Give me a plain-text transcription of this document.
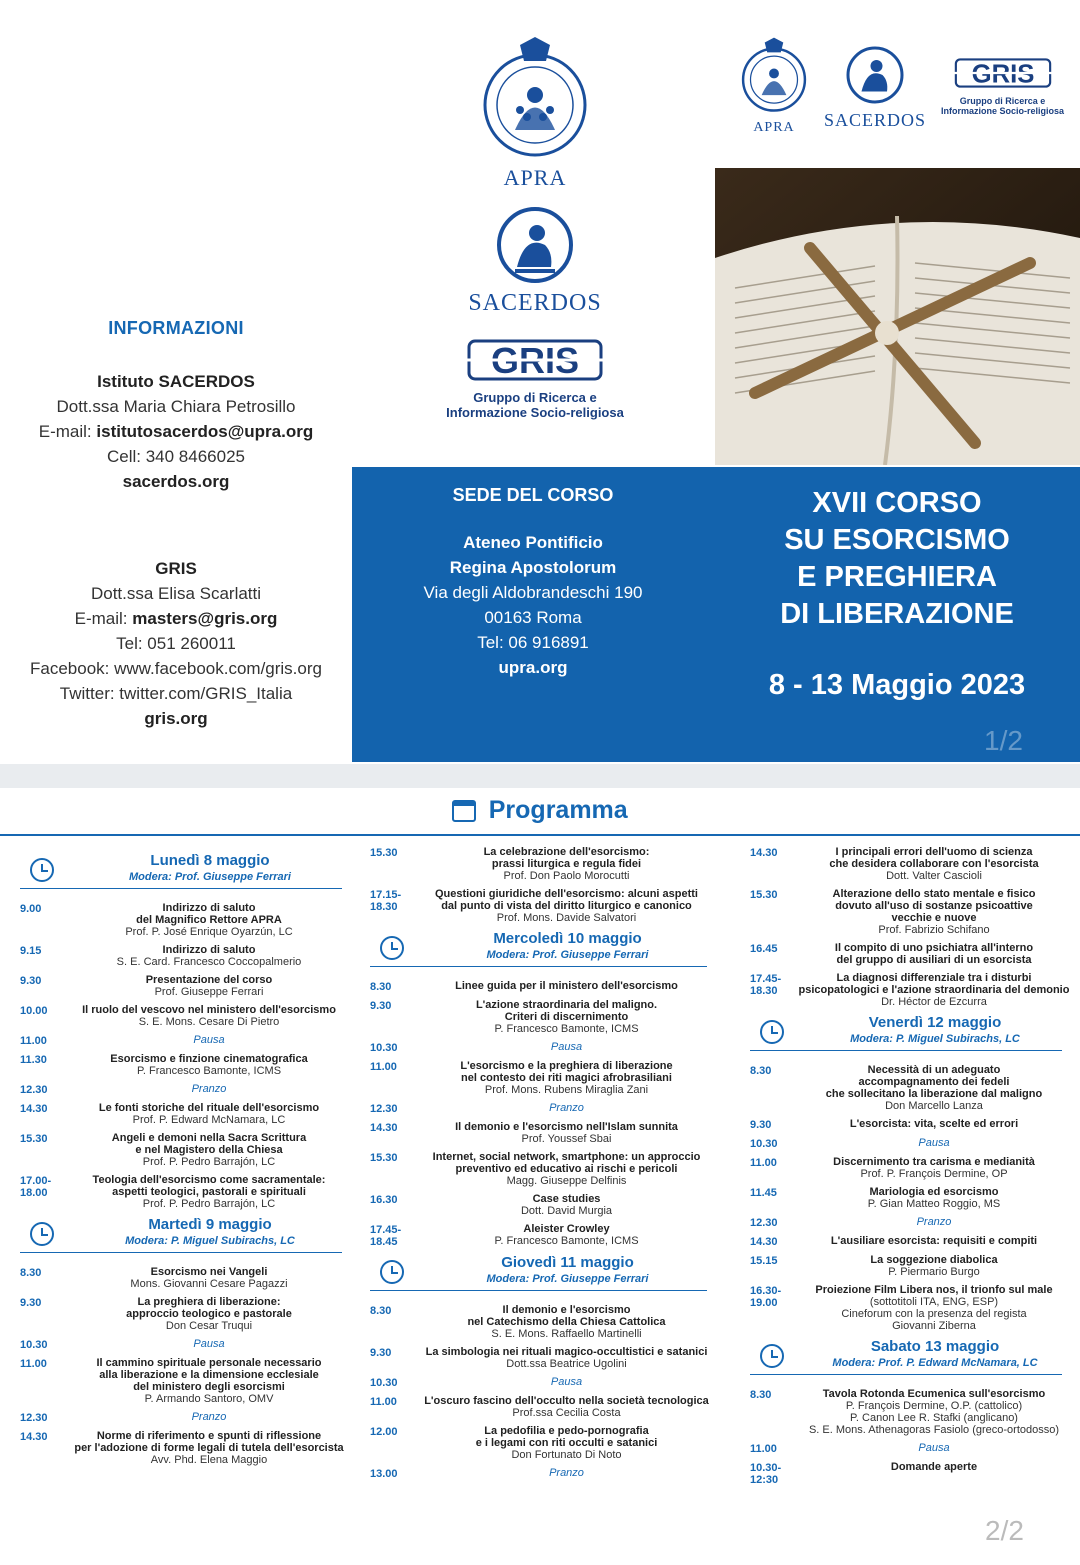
INFORMAZIONI
Istituto SACERDOS
Dott.ssa Maria Chiara Petrosillo
E-mail: istitutosacerdos@upra.org
Cell: 340 8466025
sacerdos.org
GRIS
Dott.ssa Elisa Scarlatti
E-mail: masters@gris.org
Tel: 051 260011
Facebook: www.facebook.com/gris.org
Twitter: twitter.com/GRIS_Italia
gris.org
APRA
SACERDOS
GRIS
Gruppo di Ricerca e
Informazione Socio-religiosa
APRA	SACERDOS
GRIS
Gruppo di Ricerca e
Informazione Socio-religiosa
SEDE DEL CORSO
Ateneo Pontificio
Regina Apostolorum
Via degli Aldobrandeschi 190
00163 Roma
Tel: 06 916891
upra.org
XVII CORSO
SU ESORCISMO
E PREGHIERA
DI LIBERAZIONE
8 - 13 Maggio 2023
1/2
Programma
Lunedì 8 maggio
Modera: Prof. Giuseppe Ferrari
9.00	Indirizzo di saluto
del Magnifico Rettore APRA
Prof. P. José Enrique Oyarzún, LC
9.15	Indirizzo di saluto
S. E. Card. Francesco Coccopalmerio
9.30	Presentazione del corso
Prof. Giuseppe Ferrari
10.00	Il ruolo del vescovo nel ministero dell'esorcismo
S. E. Mons. Cesare Di Pietro
11.00	Pausa
11.30	Esorcismo e finzione cinematografica
P. Francesco Bamonte, ICMS
12.30	Pranzo
14.30	Le fonti storiche del rituale dell'esorcismo
Prof. P. Edward McNamara, LC
15.30	Angeli e demoni nella Sacra Scrittura
e nel Magistero della Chiesa
Prof. P. Pedro Barrajón, LC
17.00-
18.00
Teologia dell'esorcismo come sacramentale:
aspetti teologici, pastorali e spirituali
Prof. P. Pedro Barrajón, LC
Martedì 9 maggio
Modera: P. Miguel Subirachs, LC
8.30	Esorcismo nei Vangeli
Mons. Giovanni Cesare Pagazzi
9.30	La preghiera di liberazione:
approccio teologico e pastorale
Don Cesar Truqui
10.30	Pausa
11.00	Il cammino spirituale personale necessario
alla liberazione e la dimensione ecclesiale
del ministero degli esorcismi
P. Armando Santoro, OMV
12.30	Pranzo
14.30	Norme di riferimento e spunti di riflessione
per l'adozione di forme legali di tutela dell'esorcista
Avv. Phd. Elena Maggio
15.30	La celebrazione dell'esorcismo:
prassi liturgica e regula fidei
Prof. Don Paolo Morocutti
17.15-
18.30
Questioni giuridiche dell'esorcismo: alcuni aspetti
dal punto di vista del diritto liturgico e canonico
Prof. Mons. Davide Salvatori
Mercoledì 10 maggio
Modera: Prof. Giuseppe Ferrari
8.30	Linee guida per il ministero dell'esorcismo
9.30	L'azione straordinaria del maligno.
Criteri di discernimento
P. Francesco Bamonte, ICMS
10.30	Pausa
11.00	L'esorcismo e la preghiera di liberazione
nel contesto dei riti magici afrobrasiliani
Prof. Mons. Rubens Miraglia Zani
12.30	Pranzo
14.30	Il demonio e l'esorcismo nell'Islam sunnita
Prof. Youssef Sbai
15.30	Internet, social network, smartphone: un approccio
preventivo ed educativo ai rischi e pericoli
Magg. Giuseppe Delfinis
16.30	Case studies
Dott. David Murgia
17.45-
18.45
Aleister Crowley
P. Francesco Bamonte, ICMS
Giovedì 11 maggio
Modera: Prof. Giuseppe Ferrari
8.30	Il demonio e l'esorcismo
nel Catechismo della Chiesa Cattolica
S. E. Mons. Raffaello Martinelli
9.30	La simbologia nei rituali magico-occultistici e satanici
Dott.ssa Beatrice Ugolini
10.30	Pausa
11.00	L'oscuro fascino dell'occulto nella società tecnologica
Prof.ssa Cecilia Costa
12.00	La pedofilia e pedo-pornografia
e i legami con riti occulti e satanici
Don Fortunato Di Noto
13.00	Pranzo
14.30	I principali errori dell'uomo di scienza
che desidera collaborare con l'esorcista
Dott. Valter Cascioli
15.30	Alterazione dello stato mentale e fisico
dovuto all'uso di sostanze psicoattive
vecchie e nuove
Prof. Fabrizio Schifano
16.45	Il compito di uno psichiatra all'interno
del gruppo di ausiliari di un esorcista
17.45-
18.30
La diagnosi differenziale tra i disturbi
psicopatologici e l'azione straordinaria del demonio
Dr. Héctor de Ezcurra
Venerdì 12 maggio
Modera: P. Miguel Subirachs, LC
8.30	Necessità di un adeguato
accompagnamento dei fedeli
che sollecitano la liberazione dal maligno
Don Marcello Lanza
9.30	L'esorcista: vita, scelte ed errori
10.30	Pausa
11.00	Discernimento tra carisma e medianità
Prof. P. François Dermine, OP
11.45	Mariologia ed esorcismo
P. Gian Matteo Roggio, MS
12.30	Pranzo
14.30	L'ausiliare esorcista: requisiti e compiti
15.15	La soggezione diabolica
P. Piermario Burgo
16.30-
19.00
Proiezione Film Libera nos, il trionfo sul male
(sottotitoli ITA, ENG, ESP)
Cineforum con la presenza del regista
Giovanni Ziberna
Sabato 13 maggio
Modera: Prof. P. Edward McNamara, LC
8.30	Tavola Rotonda Ecumenica sull'esorcismo
P. François Dermine, O.P. (cattolico)
P. Canon Lee R. Stafki (anglicano)
S. E. Mons. Athenagoras Fasiolo (greco-ortodosso)
11.00	Pausa
10.30-12:30
Domande aperte
2/2
